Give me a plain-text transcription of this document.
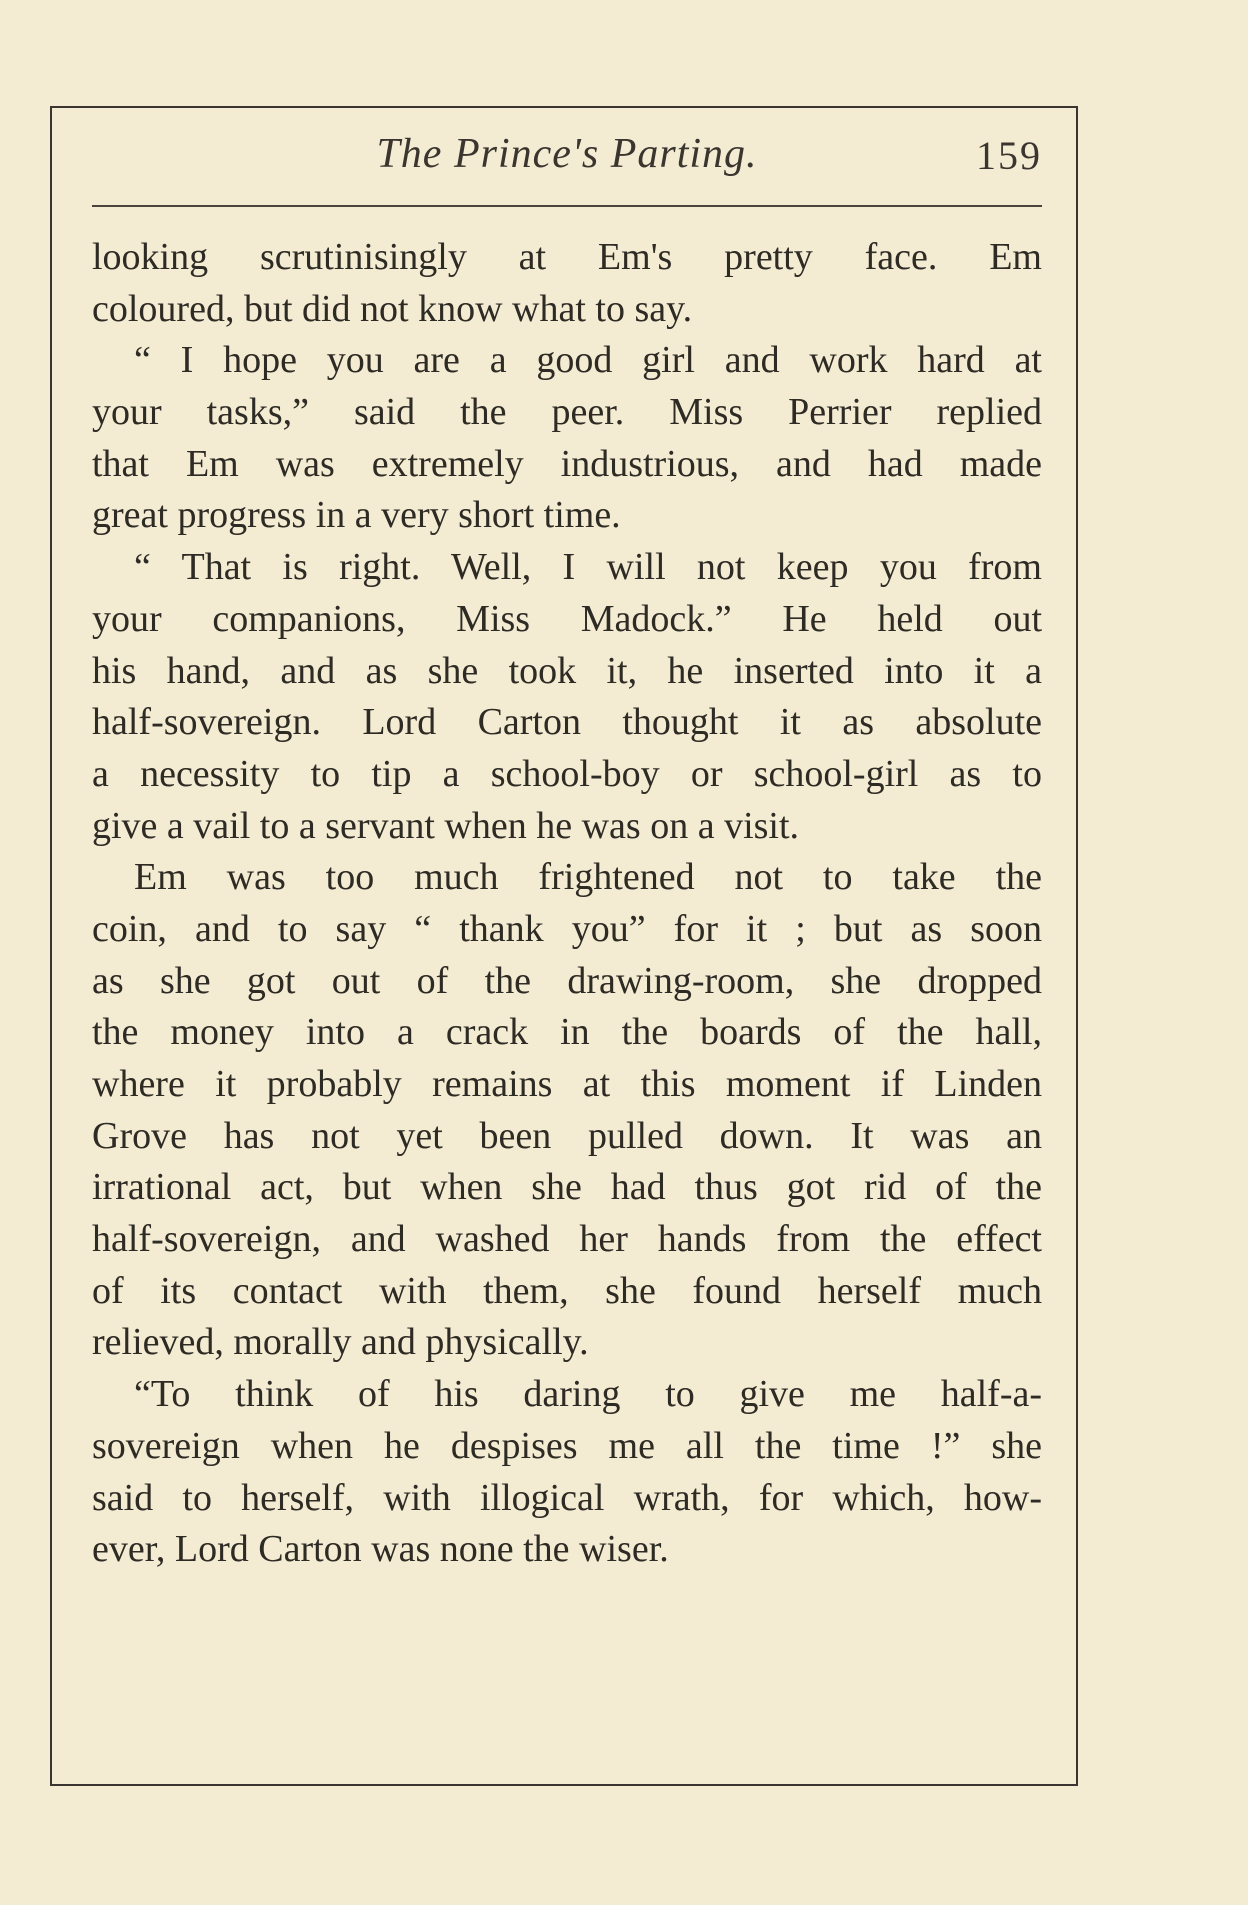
The Prince's Parting.	159
looking scrutinisingly at Em's pretty face. Em
coloured, but did not know what to say.
“ I hope you are a good girl and work hard at
your tasks,” said the peer. Miss Perrier replied
that Em was extremely industrious, and had made
great progress in a very short time.
“ That is right. Well, I will not keep you from
your companions, Miss Madock.” He held out
his hand, and as she took it, he inserted into it a
half-sovereign. Lord Carton thought it as absolute
a necessity to tip a school-boy or school-girl as to
give a vail to a servant when he was on a visit.
Em was too much frightened not to take the
coin, and to say “ thank you” for it ; but as soon
as she got out of the drawing-room, she dropped
the money into a crack in the boards of the hall,
where it probably remains at this moment if Linden
Grove has not yet been pulled down. It was an
irrational act, but when she had thus got rid of the
half-sovereign, and washed her hands from the effect
of its contact with them, she found herself much
relieved, morally and physically.
“To think of his daring to give me half-a-
sovereign when he despises me all the time !” she
said to herself, with illogical wrath, for which, how-
ever, Lord Carton was none the wiser.
